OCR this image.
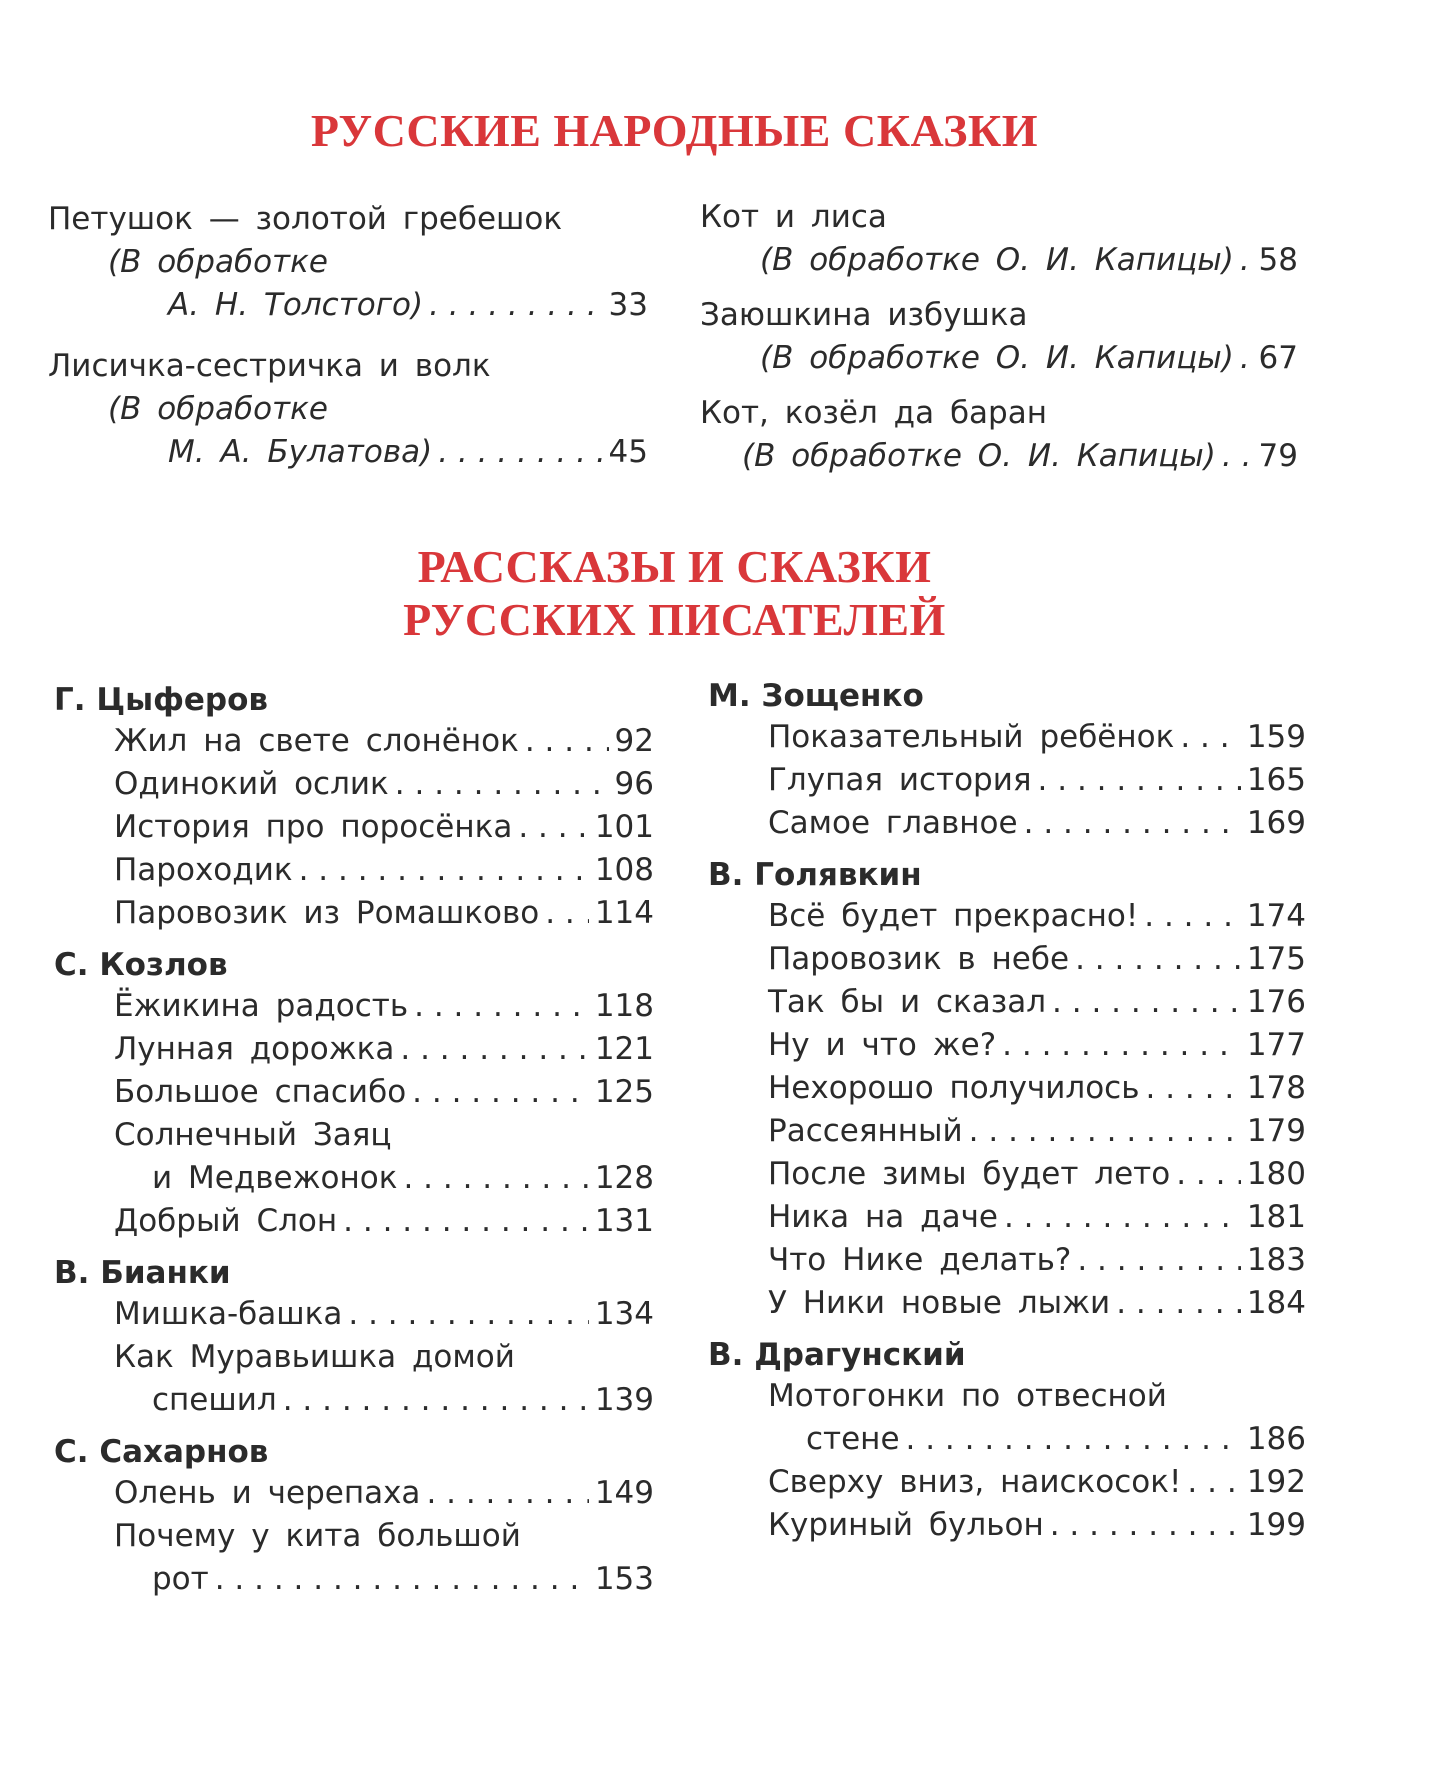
РУССКИЕ НАРОДНЫЕ СКАЗКИ
Петушок — золотой гребешок
(В обработке
А. Н. Толстого) . . .	33
Лисичка-сестричка и волк
(В обработке
М. А. Булатова) . . .	45
Кот и лиса
(В обработке О. И. Капицы) . . . 58
Заюшкина избушка
(В обработке О. И. Капицы) . . . 67
Кот, козёл да баран
(В обработке О. И. Капицы) . . . 79
РАССКАЗЫ И СКАЗКИ
РУССКИХ ПИСАТЕЛЕЙ
Г. Цыферов
Жил на свете слонёнок . . .	92
Одинокий ослик . . .	96
История про поросёнка . . .	101
Пароходик . . .	108
Паровозик из Ромашково . . . 114
С. Козлов
Ёжикина радость . . .	118
Лунная дорожка . . .	121
Большое спасибо . . .	125
Солнечный Заяц
и Медвежонок . . .	128
Добрый Слон . . .	131
В. Бианки
Мишка-башка . . .	134
Как Муравьишка домой
спешил . . .	139
С. Сахарнов
Олень и черепаха . . .	149
Почему у кита большой
рот . . .	153
М. Зощенко
Показательный ребёнок . . . 159
Глупая история . . .	165
Самое главное . . .	169
В. Голявкин
Всё будет прекрасно! . . .	174
Паровозик в небе . . .	175
Так бы и сказал . . .	176
Ну и что же? . . .	177
Нехорошо получилось . . .	178
Рассеянный . . .	179
После зимы будет лето . . . 180
Ника на даче . . .	181
Что Нике делать? . . .	183
У Ники новые лыжи . . .	184
В. Драгунский
Мотогонки по отвесной
стене . . .	186
Сверху вниз, наискосок! . . . 192
Куриный бульон . . .	199
